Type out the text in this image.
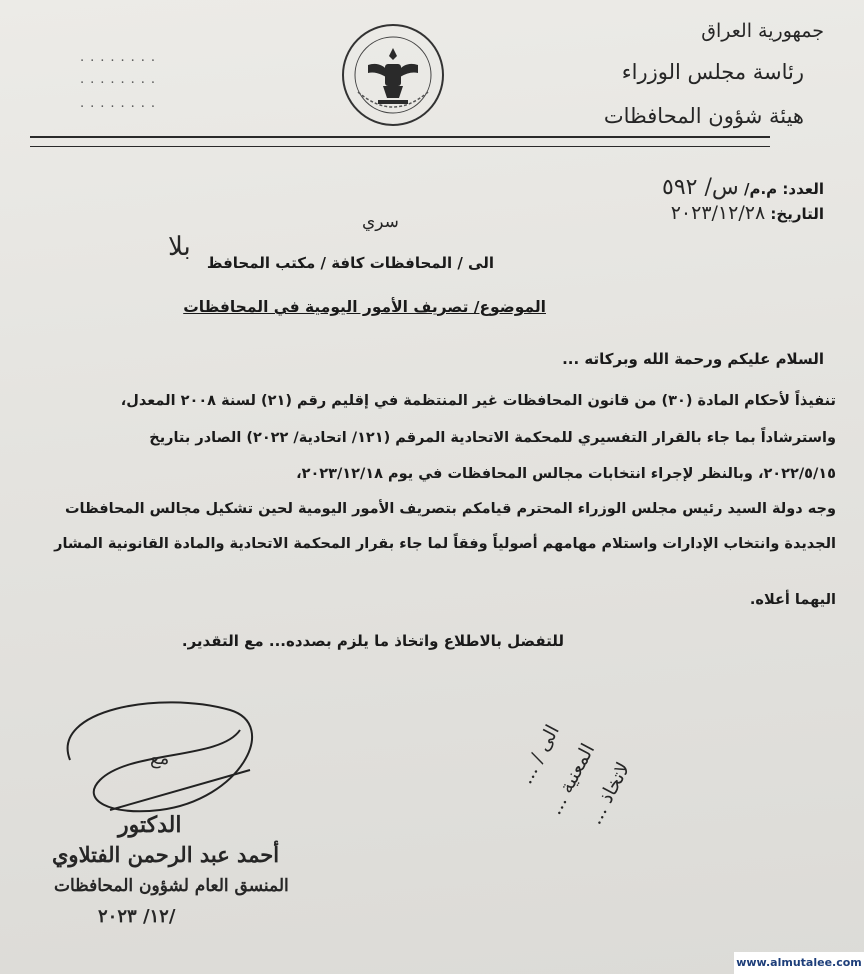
........
........
........
جمهورية العراق
رئاسة مجلس الوزراء
هيئة شؤون المحافظات
العدد: م.م/ س/ ٥٩٢
التاريخ: ٢٠٢٣/١٢/٢٨
سري
الى / المحافظات كافة / مكتب المحافظ
بلا
الموضوع/ تصريف الأمور اليومية في المحافظات
السلام عليكم ورحمة الله وبركاته ...
تنفيذاً لأحكام المادة (٣٠) من قانون المحافظات غير المنتظمة في إقليم رقم (٢١) لسنة ٢٠٠٨ المعدل،
واسترشاداً بما جاء بالقرار التفسيري للمحكمة الاتحادية المرقم (١٢١/ اتحادية/ ٢٠٢٢) الصادر بتاريخ
٢٠٢٢/٥/١٥، وبالنظر لإجراء انتخابات مجالس المحافظات في يوم ٢٠٢٣/١٢/١٨،
وجه دولة السيد رئيس مجلس الوزراء المحترم قيامكم بتصريف الأمور اليومية لحين تشكيل مجالس المحافظات
الجديدة وانتخاب الإدارات واستلام مهامهم أصولياً وفقاً لما جاء بقرار المحكمة الاتحادية والمادة القانونية المشار
اليهما أعلاه.
للتفضل بالاطلاع واتخاذ ما يلزم بصدده... مع التقدير.
مع
الدكتور
أحمد عبد الرحمن الفتلاوي
المنسق العام لشؤون المحافظات
/١٢/ ٢٠٢٣
الى / ...
المعنية ...
لاتخاذ ...
www.almutalee.com
